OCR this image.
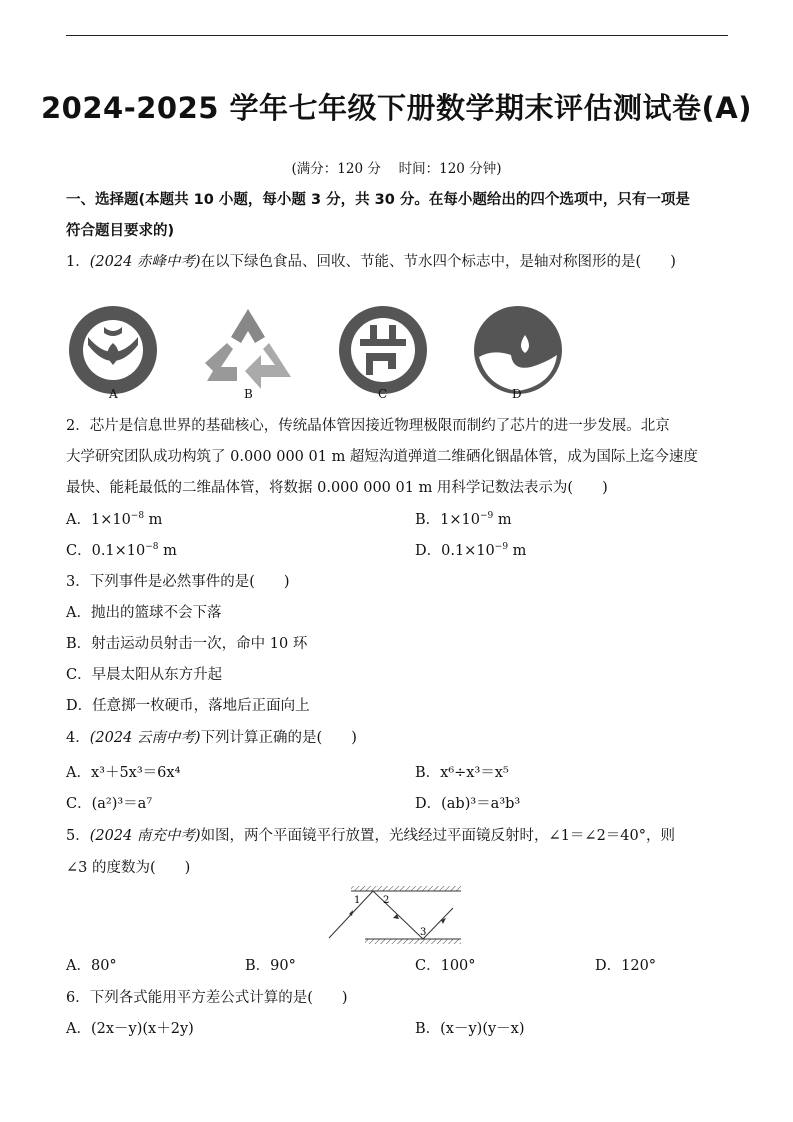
2024-2025 学年七年级下册数学期末评估测试卷(A)
(满分：120 分　 时间：120 分钟)
一、选择题(本题共 10 小题，每小题 3 分，共 30 分。在每小题给出的四个选项中，只有一项是
符合题目要求的)
1．(2024 赤峰中考)在以下绿色食品、回收、节能、节水四个标志中，是轴对称图形的是(　　)
A	B	C	D
2．芯片是信息世界的基础核心，传统晶体管因接近物理极限而制约了芯片的进一步发展。北京
大学研究团队成功构筑了 0.000 000 01 m 超短沟道弹道二维硒化铟晶体管，成为国际上迄今速度
最快、能耗最低的二维晶体管，将数据 0.000 000 01 m 用科学记数法表示为(　　)
A．$1\times 10^{-8}$ m	B．$1\times 10^{-9}$ m
C．$0.1\times 10^{-8}$ m	D．$0.1\times 10^{-9}$ m
3．下列事件是必然事件的是(　　)
A．抛出的篮球不会下落
B．射击运动员射击一次，命中 10 环
C．早晨太阳从东方升起
D．任意掷一枚硬币，落地后正面向上
4．(2024 云南中考)下列计算正确的是(　　)
A．x³＋5x³＝6x⁴	B．x⁶÷x³＝x⁵
C．(a²)³＝a⁷	D．(ab)³＝a³b³
5．(2024 南充中考)如图，两个平面镜平行放置，光线经过平面镜反射时，∠1＝∠2＝40°，则
∠3 的度数为(　　)
1 2
3
A．80°	B．90°	C．100°	D．120°
6．下列各式能用平方差公式计算的是(　　)
A．(2x－y)(x＋2y)	B．(x－y)(y－x)
